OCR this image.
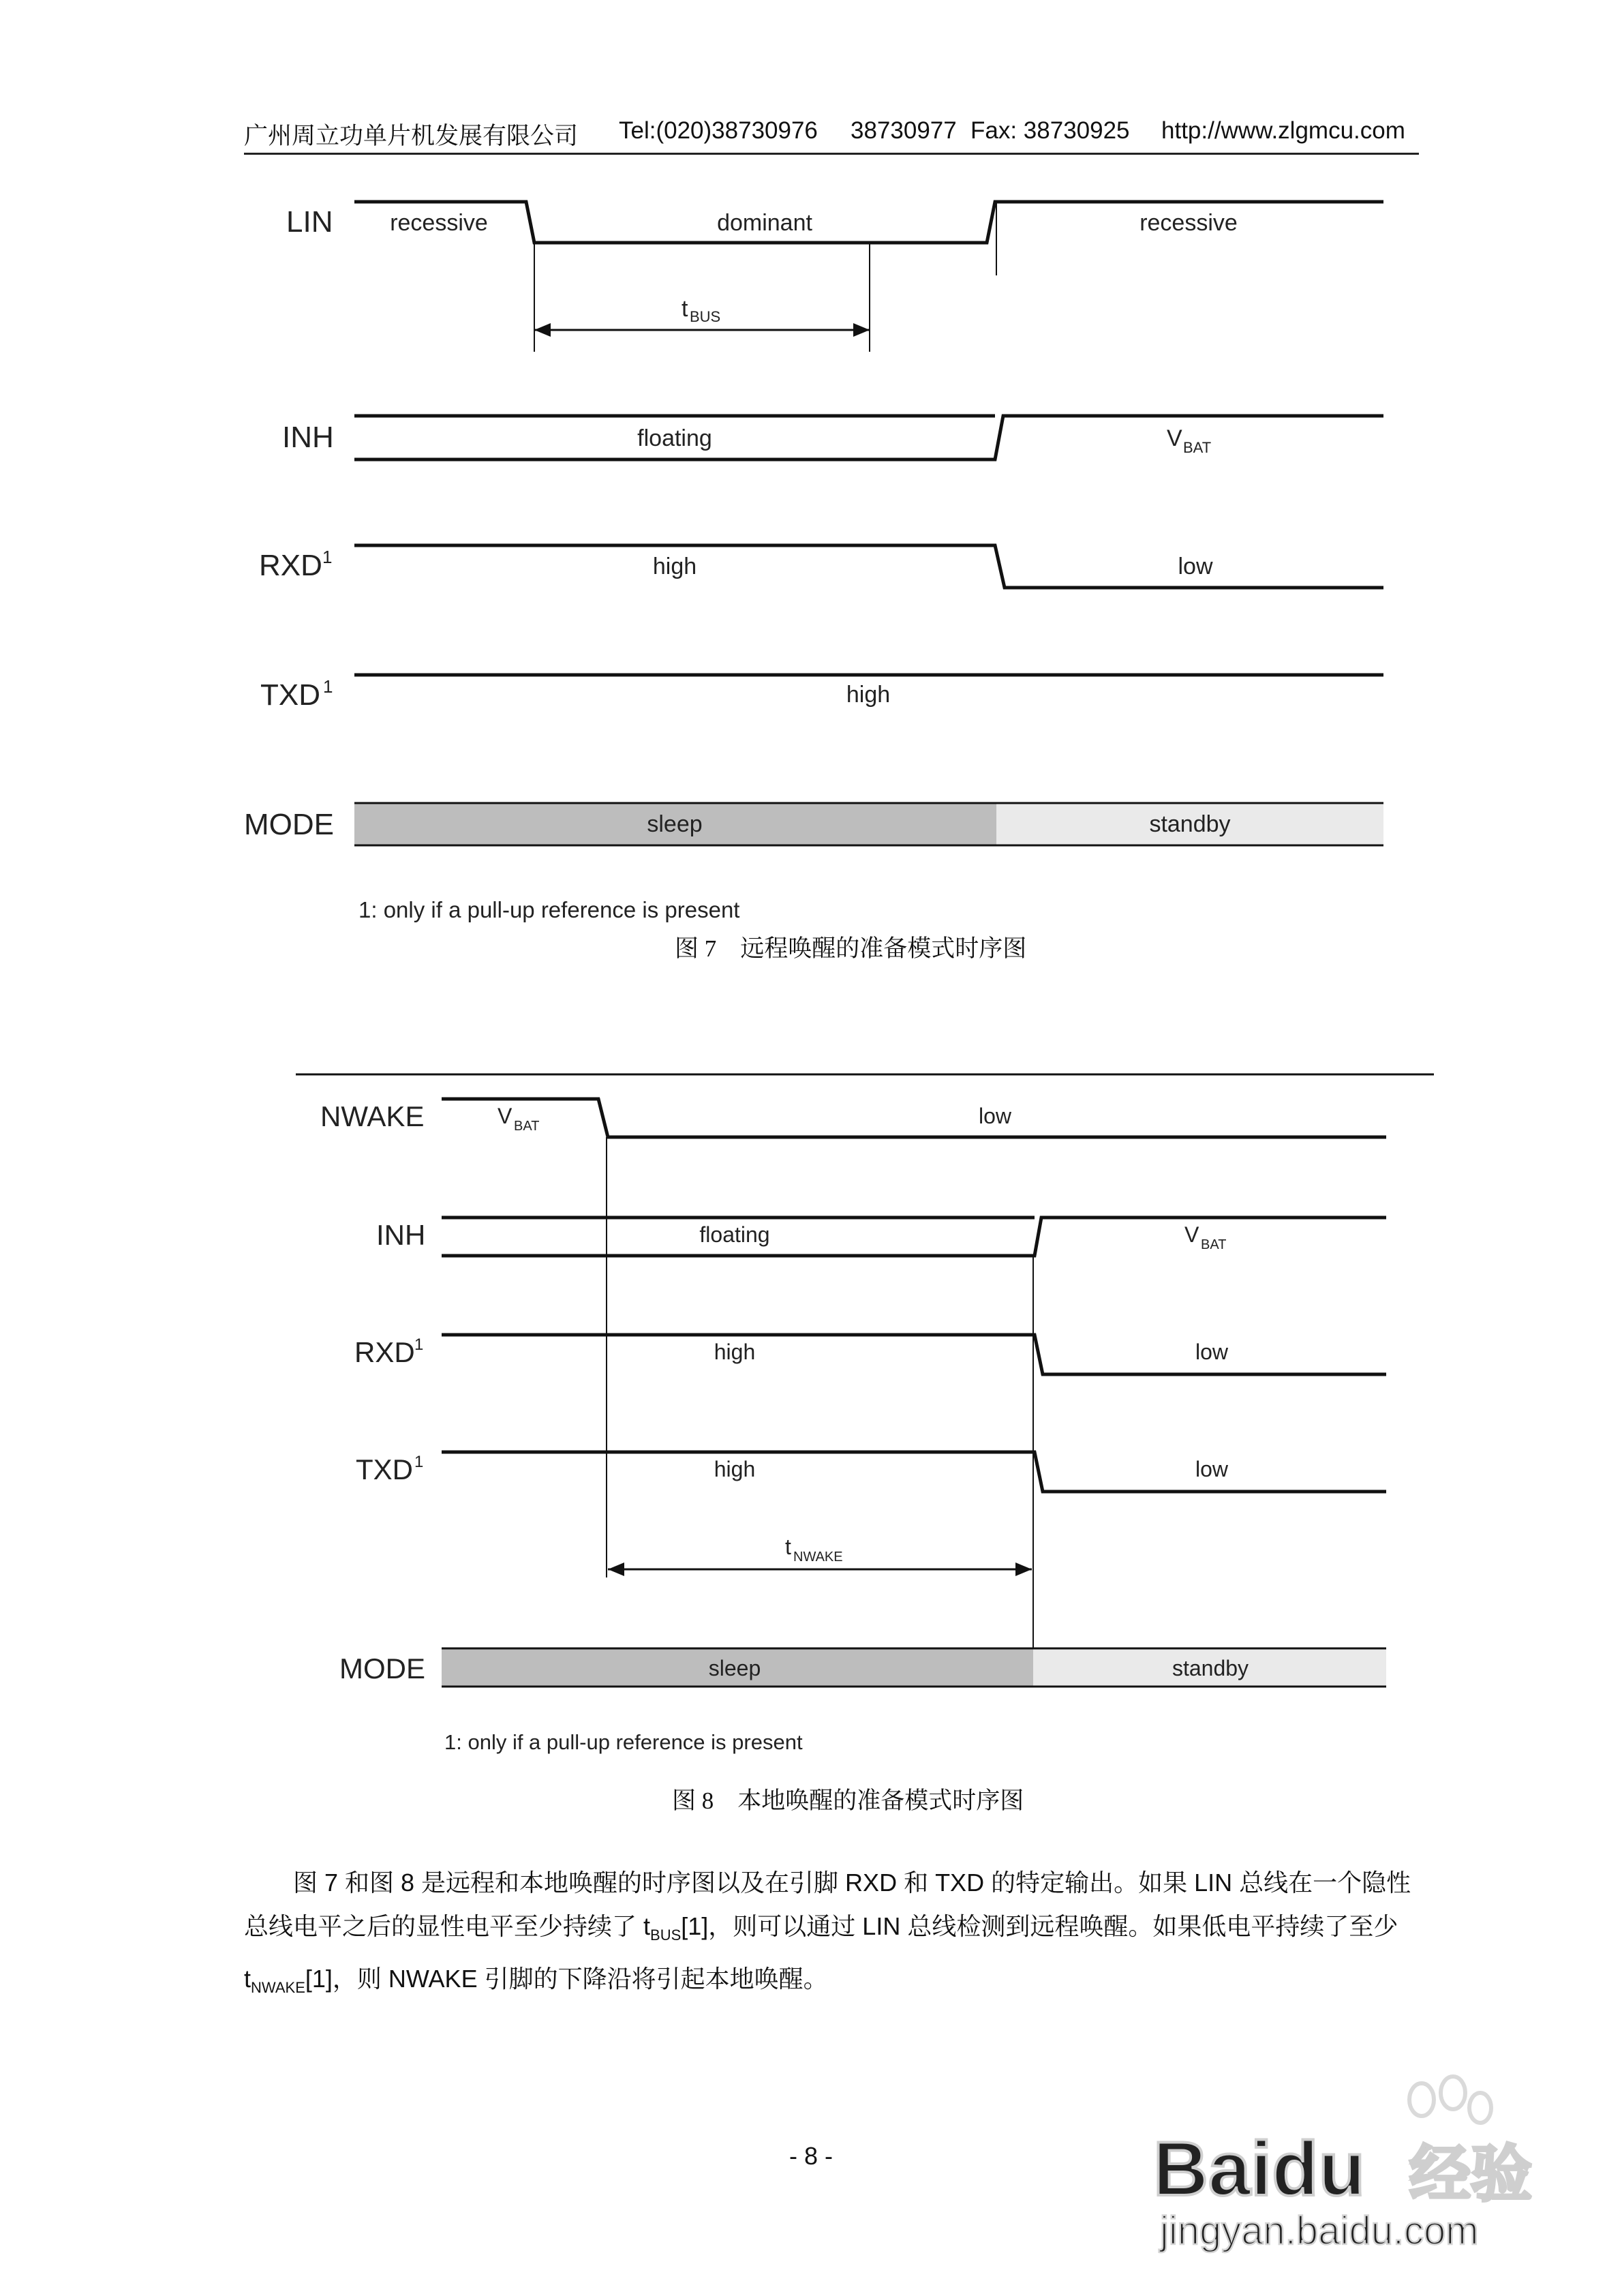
广州周立功单片机发展有限公司 Tel:(020)38730976 38730977 Fax: 38730925 http://www.zlgmcu.com
LIN
INH
RXD 1
TXD 1
MODE
recessive	dominant	recessive
t BUS
floating	V BAT
high	low
high
sleep	standby
1: only if a pull-up reference is present
图 7　远程唤醒的准备模式时序图
NWAKE
INH
RXD 1
TXD 1
MODE
V BAT	low
floating	V BAT
high	low
high	low
t NWAKE
sleep	standby
1: only if a pull-up reference is present
图 8　本地唤醒的准备模式时序图

图 7 和图 8 是远程和本地唤醒的时序图以及在引脚 RXD 和 TXD 的特定输出。如果 LIN 总线在一个隐性

总线电平之后的显性电平至少持续了 $t_{BUS}[1]$，则可以通过 LIN 总线检测到远程唤醒。如果低电平持续了至少
$t_{NWAKE}[1]$，则 NWAKE 引脚的下降沿将引起本地唤醒。
- 8 -	Baidu 经验
jingyan.baidu.com
